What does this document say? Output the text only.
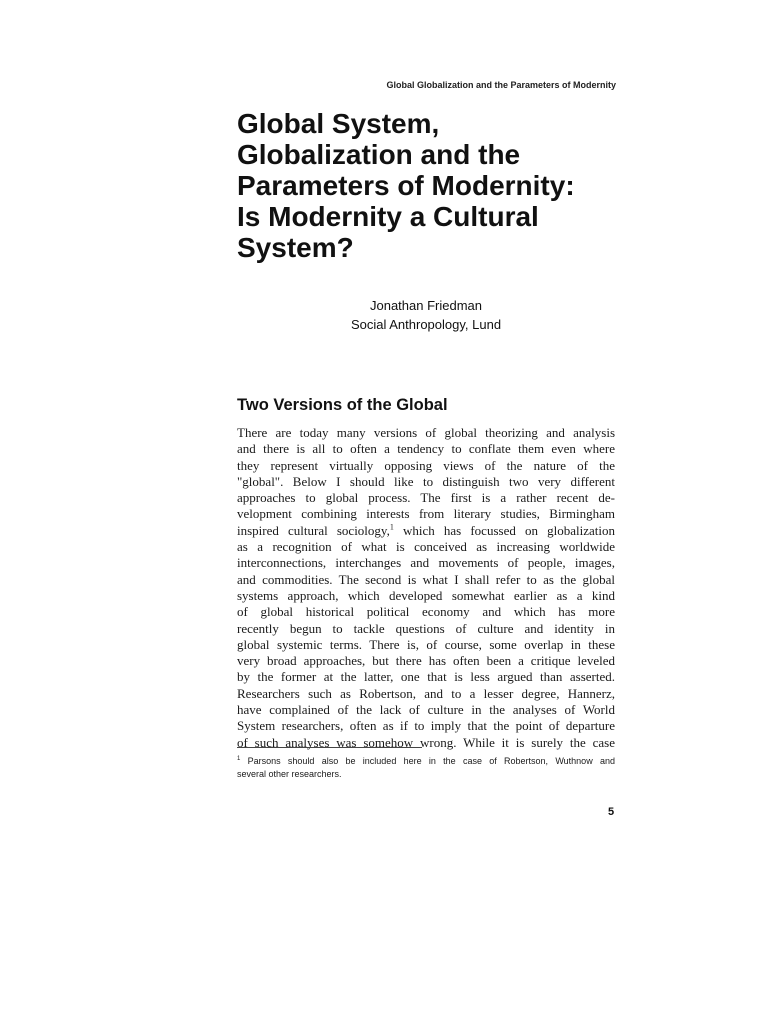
Global Globalization and the Parameters of Modernity
Global System,
Globalization and the
Parameters of Modernity:
Is Modernity a Cultural
System?
Jonathan Friedman
Social Anthropology, Lund
Two Versions of the Global
There are today many versions of global theorizing and analysis
and there is all to often a tendency to conflate them even where
they represent virtually opposing views of the nature of the
"global". Below I should like to distinguish two very different
approaches to global process. The first is a rather recent de-
velopment combining interests from literary studies, Birmingham
inspired cultural sociology,$^1$ which has focussed on globalization
as a recognition of what is conceived as increasing worldwide
interconnections, interchanges and movements of people, images,
and commodities. The second is what I shall refer to as the global
systems approach, which developed somewhat earlier as a kind
of global historical political economy and which has more
recently begun to tackle questions of culture and identity in
global systemic terms. There is, of course, some overlap in these
very broad approaches, but there has often been a critique leveled
by the former at the latter, one that is less argued than asserted.
Researchers such as Robertson, and to a lesser degree, Hannerz,
have complained of the lack of culture in the analyses of World
System researchers, often as if to imply that the point of departure
of such analyses was somehow wrong. While it is surely the case
$^1$ Parsons should also be included here in the case of Robertson, Wuthnow and
several other researchers.
5
